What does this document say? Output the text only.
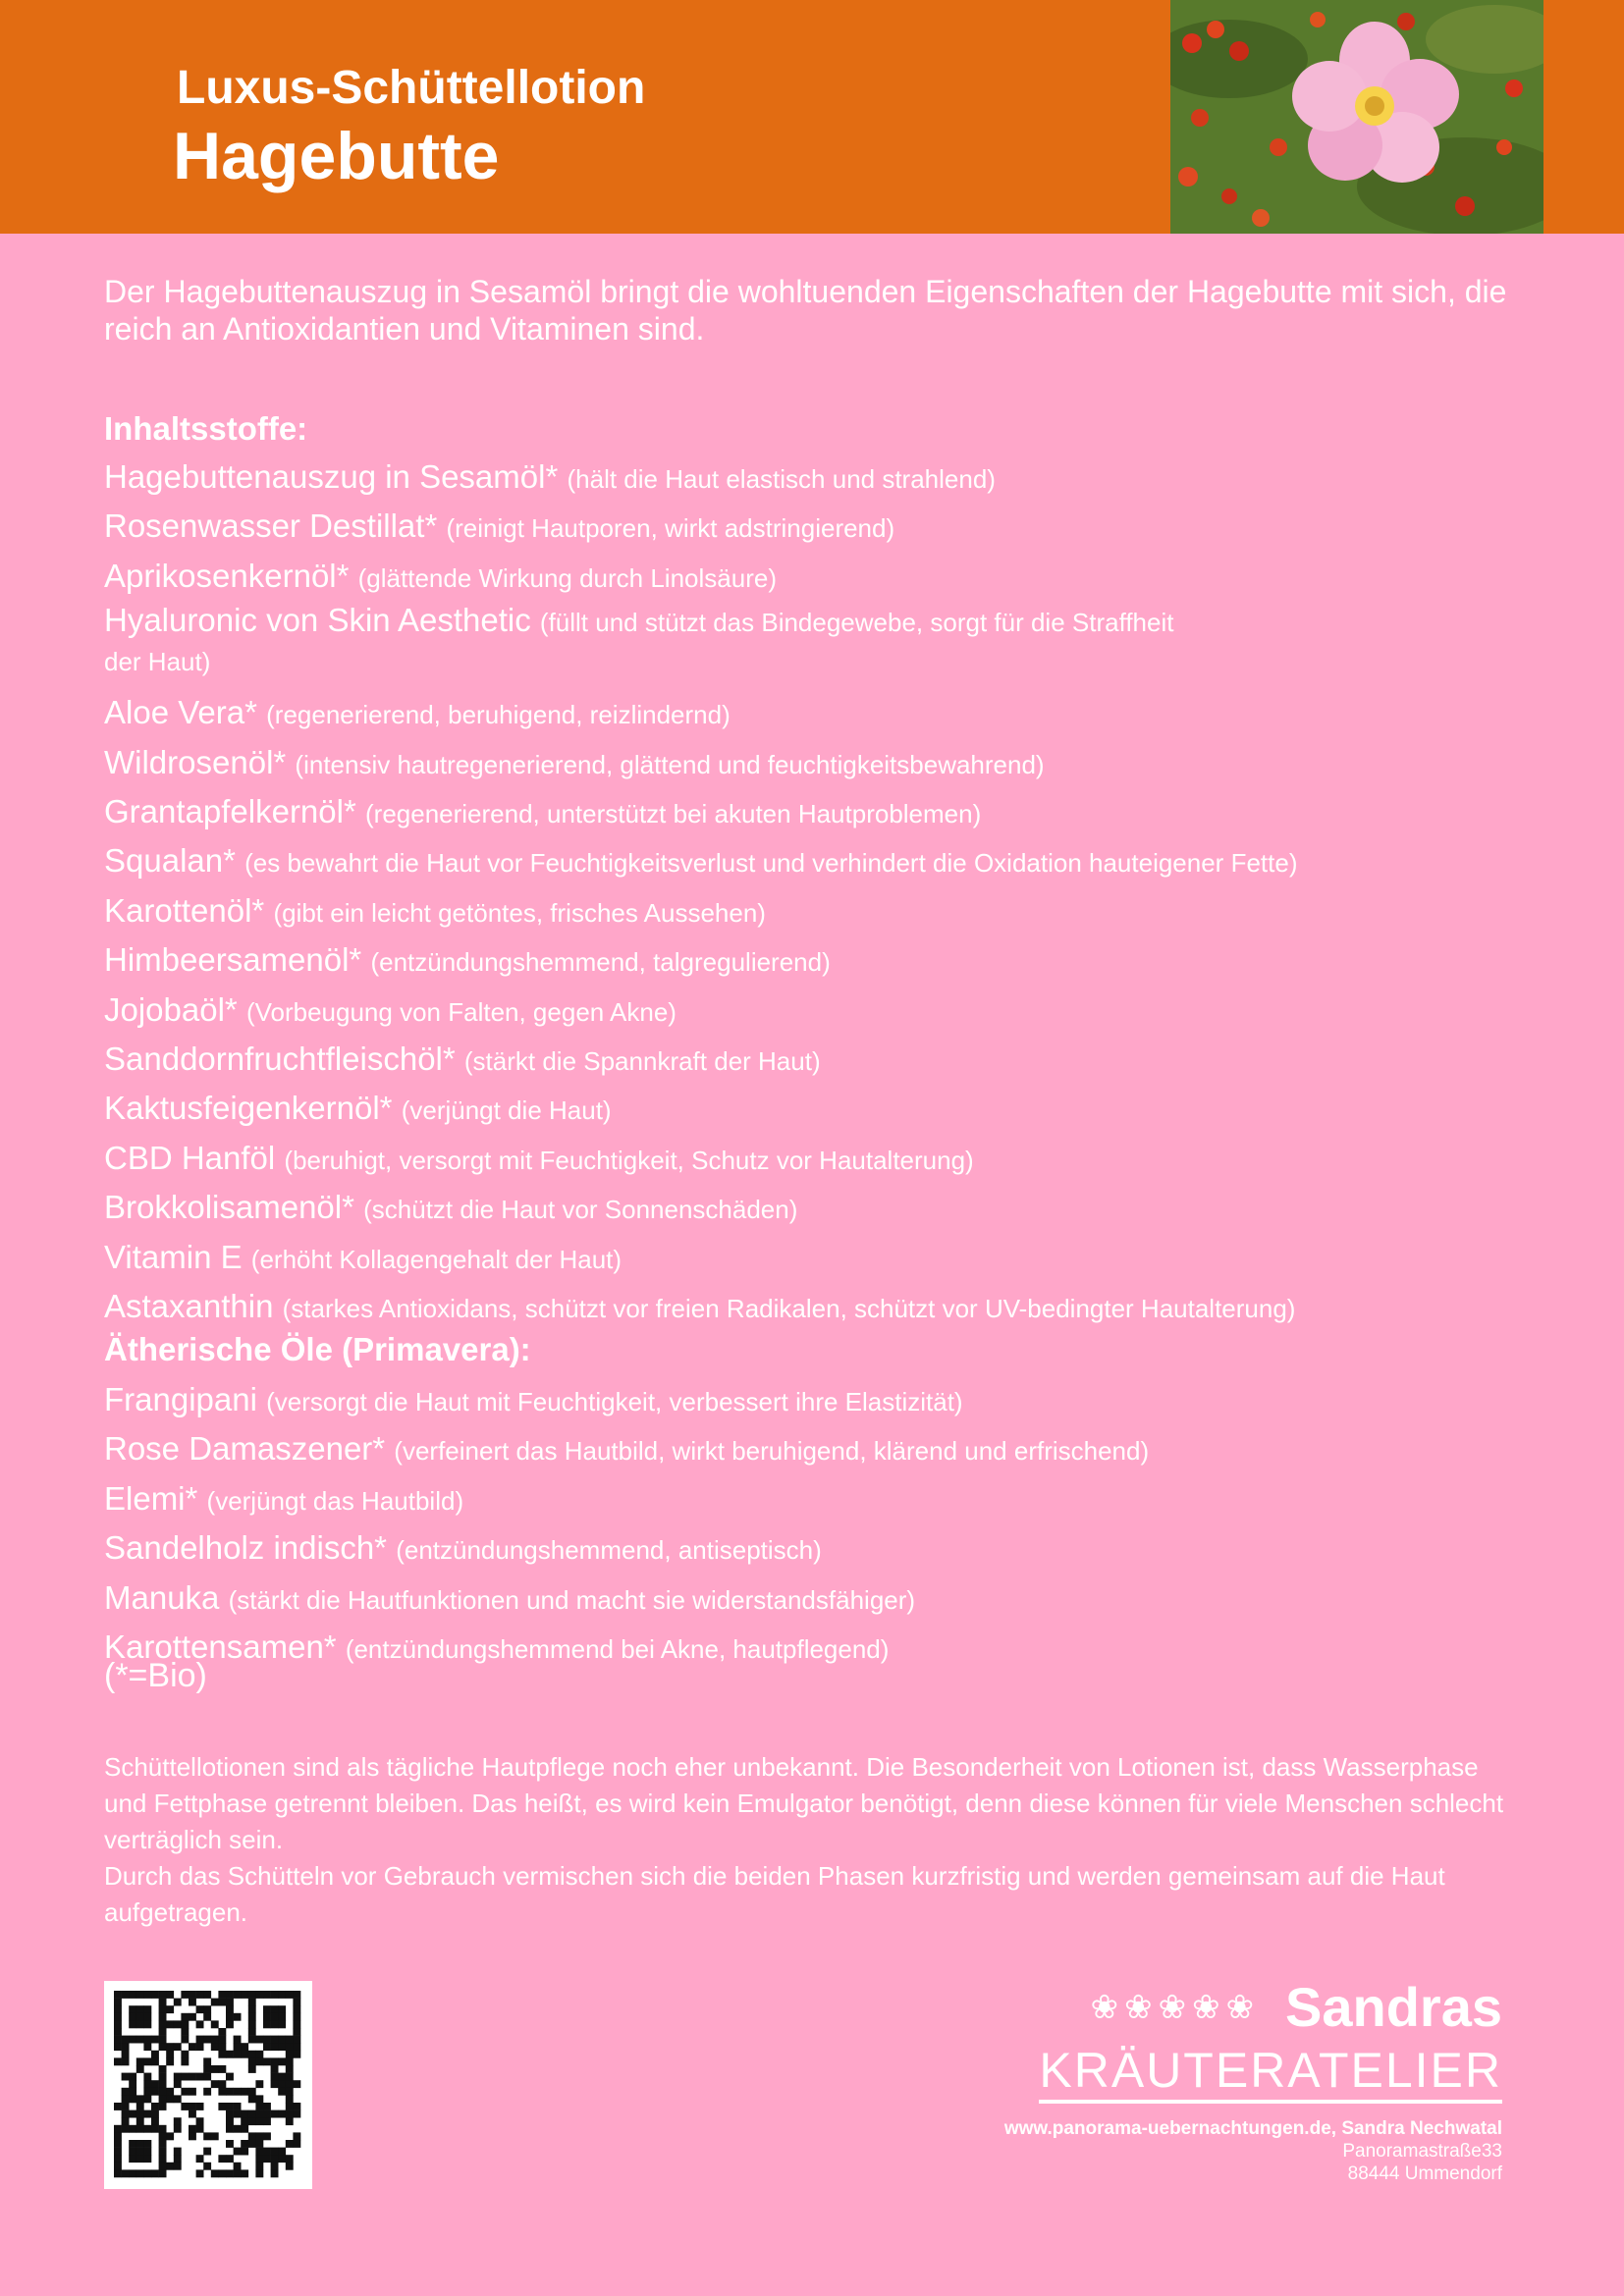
Luxus-Schüttellotion
Hagebutte
Der Hagebuttenauszug in Sesamöl bringt die wohltuenden Eigenschaften der Hagebutte mit sich, die reich an Antioxidantien und Vitaminen sind.
Inhaltsstoffe:
Hagebuttenauszug in Sesamöl* (hält die Haut elastisch und strahlend)
Rosenwasser Destillat* (reinigt Hautporen, wirkt adstringierend)
Aprikosenkernöl* (glättende Wirkung durch Linolsäure)
Hyaluronic von Skin Aesthetic (füllt und stützt das Bindegewebe, sorgt für die Straffheit der Haut)
Aloe Vera* (regenerierend, beruhigend, reizlindernd)
Wildrosenöl* (intensiv hautregenerierend, glättend und feuchtigkeitsbewahrend)
Grantapfelkernöl* (regenerierend, unterstützt bei akuten Hautproblemen)
Squalan* (es bewahrt die Haut vor Feuchtigkeitsverlust und verhindert die Oxidation hauteigener Fette)
Karottenöl* (gibt ein leicht getöntes, frisches Aussehen)
Himbeersamenöl* (entzündungshemmend, talgregulierend)
Jojobaöl* (Vorbeugung von Falten, gegen Akne)
Sanddornfruchtfleischöl* (stärkt die Spannkraft der Haut)
Kaktusfeigenkernöl* (verjüngt die Haut)
CBD Hanföl (beruhigt, versorgt mit Feuchtigkeit, Schutz vor Hautalterung)
Brokkolisamenöl* (schützt die Haut vor Sonnenschäden)
Vitamin E (erhöht Kollagengehalt der Haut)
Astaxanthin (starkes Antioxidans, schützt vor freien Radikalen, schützt vor UV-bedingter Hautalterung)
Ätherische Öle (Primavera):
Frangipani (versorgt die Haut mit Feuchtigkeit, verbessert ihre Elastizität)
Rose Damaszener* (verfeinert das Hautbild, wirkt beruhigend, klärend und erfrischend)
Elemi* (verjüngt das Hautbild)
Sandelholz indisch* (entzündungshemmend, antiseptisch)
Manuka (stärkt die Hautfunktionen und macht sie widerstandsfähiger)
Karottensamen* (entzündungshemmend bei Akne, hautpflegend)
(*=Bio)
Schüttellotionen sind als tägliche Hautpflege noch eher unbekannt. Die Besonderheit von Lotionen ist, dass Wasserphase und Fettphase getrennt bleiben. Das heißt, es wird kein Emulgator benötigt, denn diese können für viele Menschen schlecht verträglich sein.
Durch das Schütteln vor Gebrauch vermischen sich die beiden Phasen kurzfristig und werden gemeinsam auf die Haut aufgetragen.
❀❀❀❀❀ Sandras
KRÄUTERATELIER
www.panorama-uebernachtungen.de, Sandra Nechwatal
Panoramastraße33
88444 Ummendorf
